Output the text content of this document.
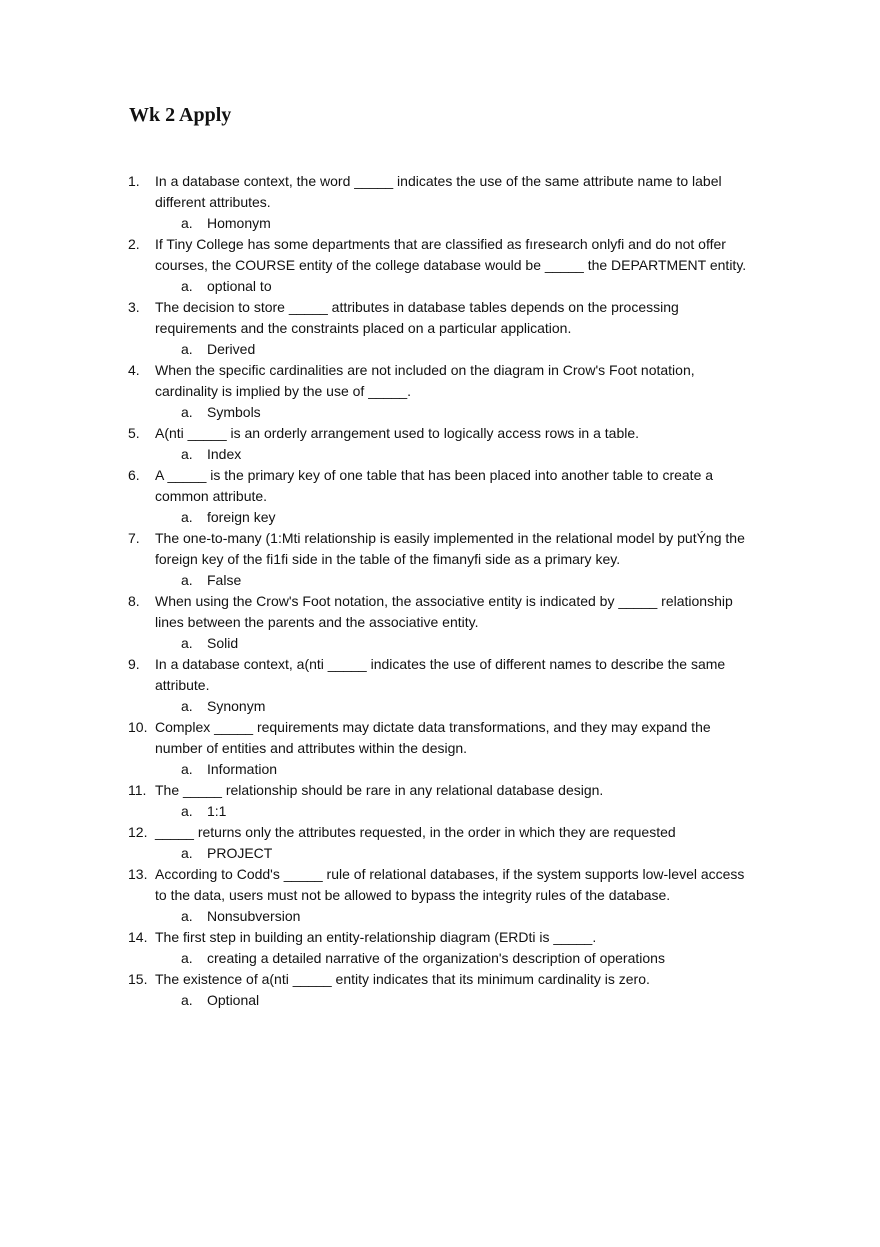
Wk 2 Apply
1.	In a database context, the word _____ indicates the use of the same attribute name to label
different attributes.
a. Homonym
2.	If Tiny College has some departments that are classified as fıresearch onlyfi and do not offer
courses, the COURSE entity of the college database would be _____ the DEPARTMENT entity.
a. optional to
3.	The decision to store _____ attributes in database tables depends on the processing
requirements and the constraints placed on a particular application.
a. Derived
4.	When the specific cardinalities are not included on the diagram in Crow's Foot notation,
cardinality is implied by the use of _____.
a. Symbols
5.	A(nti _____ is an orderly arrangement used to logically access rows in a table.
a. Index
6.	A _____ is the primary key of one table that has been placed into another table to create a
common attribute.
a. foreign key
7.	The one-to-many (1:Mti relationship is easily implemented in the relational model by putÝng the
foreign key of the fi1fi side in the table of the fimanyfi side as a primary key.
a. False
8.	When using the Crow's Foot notation, the associative entity is indicated by _____ relationship
lines between the parents and the associative entity.
a. Solid
9.	In a database context, a(nti _____ indicates the use of different names to describe the same
attribute.
a. Synonym
10. Complex _____ requirements may dictate data transformations, and they may expand the
number of entities and attributes within the design.
a. Information
11. The _____ relationship should be rare in any relational database design.
a. 1:1
12. _____ returns only the attributes requested, in the order in which they are requested
a. PROJECT
13. According to Codd's _____ rule of relational databases, if the system supports low-level access
to the data, users must not be allowed to bypass the integrity rules of the database.
a. Nonsubversion
14. The first step in building an entity-relationship diagram (ERDti is _____.
a. creating a detailed narrative of the organization's description of operations
15. The existence of a(nti _____ entity indicates that its minimum cardinality is zero.
a. Optional
